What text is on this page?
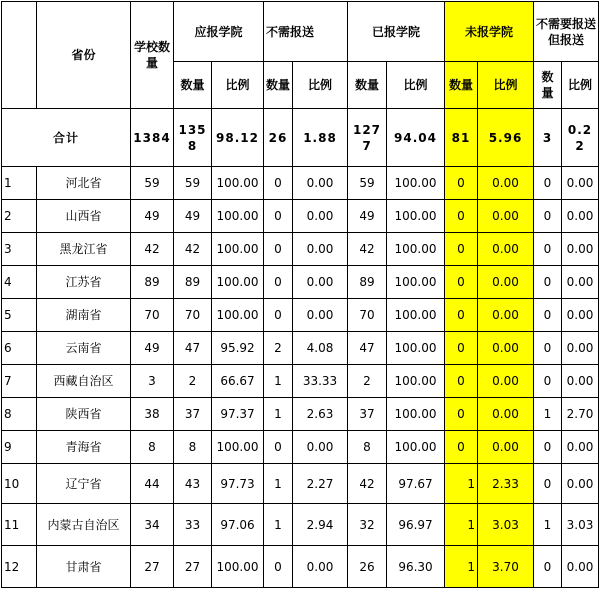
	省份	学校数量	应报学院		不需报送		已报学院		未报学院		不需要报送但报送	
			数量	比例	数量	比例	数量	比例	数量	比例	数量	比例
合计		1384	1358	98.12	26	1.88	1277	94.04	81	5.96	3	0.22
1	河北省	59	59	100.00	0	0.00	59	100.00	0	0.00	0	0.00
2	山西省	49	49	100.00	0	0.00	49	100.00	0	0.00	0	0.00
3	黑龙江省	42	42	100.00	0	0.00	42	100.00	0	0.00	0	0.00
4	江苏省	89	89	100.00	0	0.00	89	100.00	0	0.00	0	0.00
5	湖南省	70	70	100.00	0	0.00	70	100.00	0	0.00	0	0.00
6	云南省	49	47	95.92	2	4.08	47	100.00	0	0.00	0	0.00
7	西藏自治区	3	2	66.67	1	33.33	2	100.00	0	0.00	0	0.00
8	陕西省	38	37	97.37	1	2.63	37	100.00	0	0.00	1	2.70
9	青海省	8	8	100.00	0	0.00	8	100.00	0	0.00	0	0.00
10	辽宁省	44	43	97.73	1	2.27	42	97.67	1	2.33	0	0.00
11	内蒙古自治区	34	33	97.06	1	2.94	32	96.97	1	3.03	1	3.03
12	甘肃省	27	27	100.00	0	0.00	26	96.30	1	3.70	0	0.00
